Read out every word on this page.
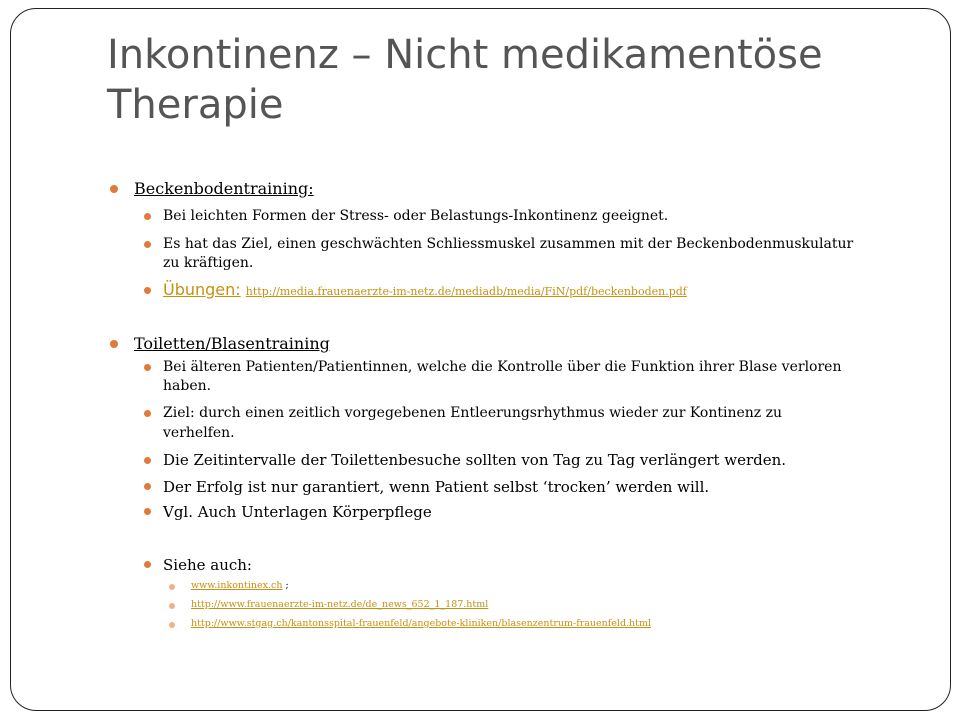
Inkontinenz – Nicht medikamentöse Therapie

Beckenbodentraining:

Bei leichten Formen der Stress- oder Belastungs-Inkontinenz geeignet.

Es hat das Ziel, einen geschwächten Schliessmuskel zusammen mit der Beckenbodenmuskulatur

zu kräftigen.

Übungen: http://media.frauenaerzte-im-netz.de/mediadb/media/FiN/pdf/beckenboden.pdf

Toiletten/Blasentraining

Bei älteren Patienten/Patientinnen, welche die Kontrolle über die Funktion ihrer Blase verloren

haben.

Ziel: durch einen zeitlich vorgegebenen Entleerungsrhythmus wieder zur Kontinenz zu

verhelfen.

Die Zeitintervalle der Toilettenbesuche sollten von Tag zu Tag verlängert werden.

Der Erfolg ist nur garantiert, wenn Patient selbst ‘trocken’ werden will.

Vgl. Auch Unterlagen Körperpflege

Siehe auch:

www.inkontinex.ch ;

http://www.frauenaerzte-im-netz.de/de_news_652_1_187.html

http://www.stgag.ch/kantonsspital-frauenfeld/angebote-kliniken/blasenzentrum-frauenfeld.html
